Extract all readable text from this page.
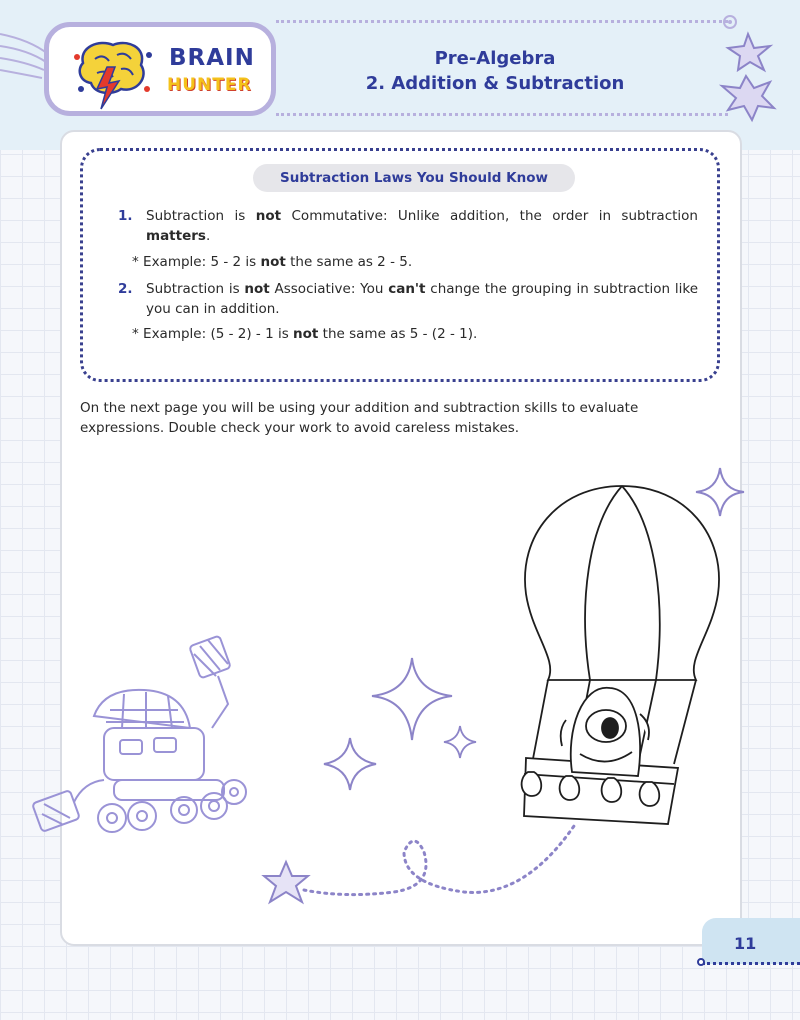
BRAIN
HUNTER
Pre-Algebra
2. Addition & Subtraction
Subtraction Laws You Should Know
1. Subtraction is not Commutative: Unlike addition, the order in subtraction matters.
* Example: 5 - 2 is not the same as 2 - 5.
2. Subtraction is not Associative: You can't change the grouping in subtraction like you can in addition.
* Example: (5 - 2) - 1 is not the same as 5 - (2 - 1).
On the next page you will be using your addition and subtraction skills to evaluate expressions. Double check your work to avoid careless mistakes.
11
